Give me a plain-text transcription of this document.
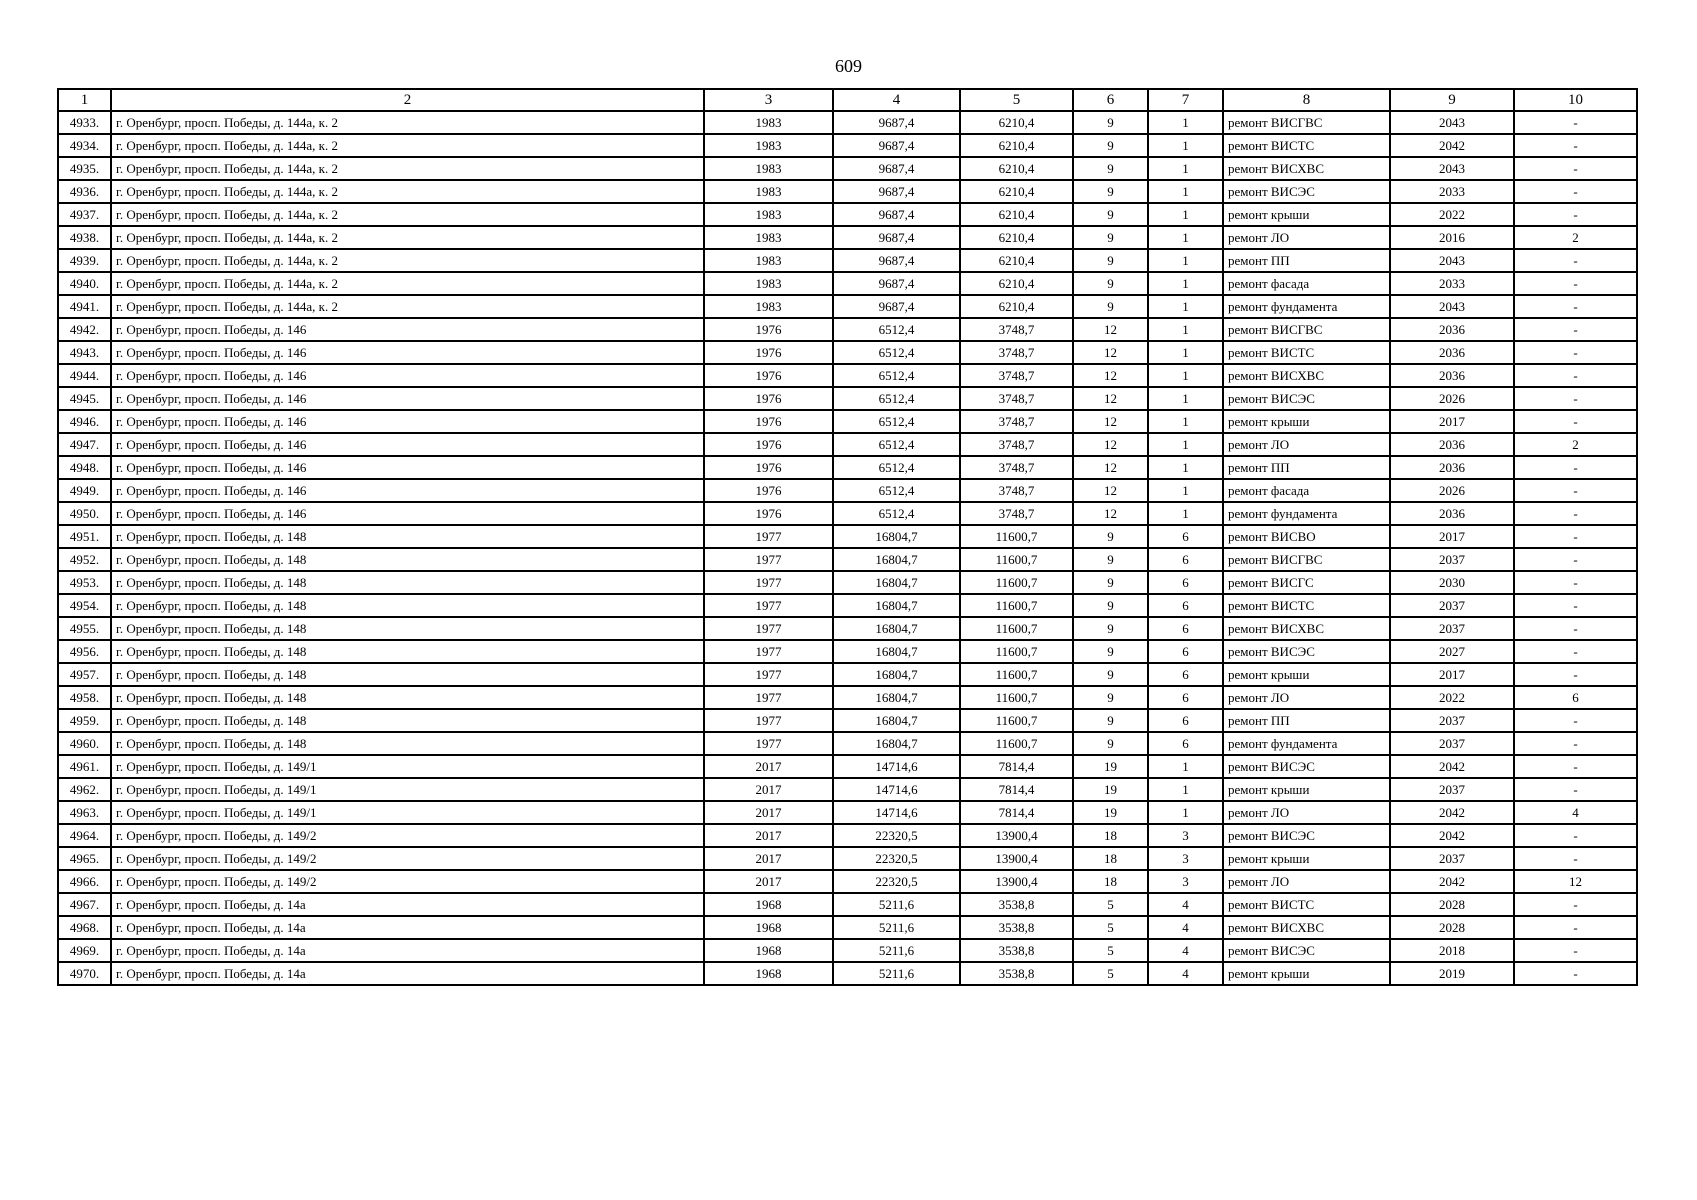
609
1	2	3	4	5	6	7	8	9	10
4933.	г. Оренбург, просп. Победы, д. 144а, к. 2	1983	9687,4	6210,4	9	1	ремонт ВИСГВС	2043	-
4934.	г. Оренбург, просп. Победы, д. 144а, к. 2	1983	9687,4	6210,4	9	1	ремонт ВИСТС	2042	-
4935.	г. Оренбург, просп. Победы, д. 144а, к. 2	1983	9687,4	6210,4	9	1	ремонт ВИСХВС	2043	-
4936.	г. Оренбург, просп. Победы, д. 144а, к. 2	1983	9687,4	6210,4	9	1	ремонт ВИСЭС	2033	-
4937.	г. Оренбург, просп. Победы, д. 144а, к. 2	1983	9687,4	6210,4	9	1	ремонт крыши	2022	-
4938.	г. Оренбург, просп. Победы, д. 144а, к. 2	1983	9687,4	6210,4	9	1	ремонт ЛО	2016	2
4939.	г. Оренбург, просп. Победы, д. 144а, к. 2	1983	9687,4	6210,4	9	1	ремонт ПП	2043	-
4940.	г. Оренбург, просп. Победы, д. 144а, к. 2	1983	9687,4	6210,4	9	1	ремонт фасада	2033	-
4941.	г. Оренбург, просп. Победы, д. 144а, к. 2	1983	9687,4	6210,4	9	1	ремонт фундамента	2043	-
4942.	г. Оренбург, просп. Победы, д. 146	1976	6512,4	3748,7	12	1	ремонт ВИСГВС	2036	-
4943.	г. Оренбург, просп. Победы, д. 146	1976	6512,4	3748,7	12	1	ремонт ВИСТС	2036	-
4944.	г. Оренбург, просп. Победы, д. 146	1976	6512,4	3748,7	12	1	ремонт ВИСХВС	2036	-
4945.	г. Оренбург, просп. Победы, д. 146	1976	6512,4	3748,7	12	1	ремонт ВИСЭС	2026	-
4946.	г. Оренбург, просп. Победы, д. 146	1976	6512,4	3748,7	12	1	ремонт крыши	2017	-
4947.	г. Оренбург, просп. Победы, д. 146	1976	6512,4	3748,7	12	1	ремонт ЛО	2036	2
4948.	г. Оренбург, просп. Победы, д. 146	1976	6512,4	3748,7	12	1	ремонт ПП	2036	-
4949.	г. Оренбург, просп. Победы, д. 146	1976	6512,4	3748,7	12	1	ремонт фасада	2026	-
4950.	г. Оренбург, просп. Победы, д. 146	1976	6512,4	3748,7	12	1	ремонт фундамента	2036	-
4951.	г. Оренбург, просп. Победы, д. 148	1977	16804,7	11600,7	9	6	ремонт ВИСВО	2017	-
4952.	г. Оренбург, просп. Победы, д. 148	1977	16804,7	11600,7	9	6	ремонт ВИСГВС	2037	-
4953.	г. Оренбург, просп. Победы, д. 148	1977	16804,7	11600,7	9	6	ремонт ВИСГС	2030	-
4954.	г. Оренбург, просп. Победы, д. 148	1977	16804,7	11600,7	9	6	ремонт ВИСТС	2037	-
4955.	г. Оренбург, просп. Победы, д. 148	1977	16804,7	11600,7	9	6	ремонт ВИСХВС	2037	-
4956.	г. Оренбург, просп. Победы, д. 148	1977	16804,7	11600,7	9	6	ремонт ВИСЭС	2027	-
4957.	г. Оренбург, просп. Победы, д. 148	1977	16804,7	11600,7	9	6	ремонт крыши	2017	-
4958.	г. Оренбург, просп. Победы, д. 148	1977	16804,7	11600,7	9	6	ремонт ЛО	2022	6
4959.	г. Оренбург, просп. Победы, д. 148	1977	16804,7	11600,7	9	6	ремонт ПП	2037	-
4960.	г. Оренбург, просп. Победы, д. 148	1977	16804,7	11600,7	9	6	ремонт фундамента	2037	-
4961.	г. Оренбург, просп. Победы, д. 149/1	2017	14714,6	7814,4	19	1	ремонт ВИСЭС	2042	-
4962.	г. Оренбург, просп. Победы, д. 149/1	2017	14714,6	7814,4	19	1	ремонт крыши	2037	-
4963.	г. Оренбург, просп. Победы, д. 149/1	2017	14714,6	7814,4	19	1	ремонт ЛО	2042	4
4964.	г. Оренбург, просп. Победы, д. 149/2	2017	22320,5	13900,4	18	3	ремонт ВИСЭС	2042	-
4965.	г. Оренбург, просп. Победы, д. 149/2	2017	22320,5	13900,4	18	3	ремонт крыши	2037	-
4966.	г. Оренбург, просп. Победы, д. 149/2	2017	22320,5	13900,4	18	3	ремонт ЛО	2042	12
4967.	г. Оренбург, просп. Победы, д. 14а	1968	5211,6	3538,8	5	4	ремонт ВИСТС	2028	-
4968.	г. Оренбург, просп. Победы, д. 14а	1968	5211,6	3538,8	5	4	ремонт ВИСХВС	2028	-
4969.	г. Оренбург, просп. Победы, д. 14а	1968	5211,6	3538,8	5	4	ремонт ВИСЭС	2018	-
4970.	г. Оренбург, просп. Победы, д. 14а	1968	5211,6	3538,8	5	4	ремонт крыши	2019	-
